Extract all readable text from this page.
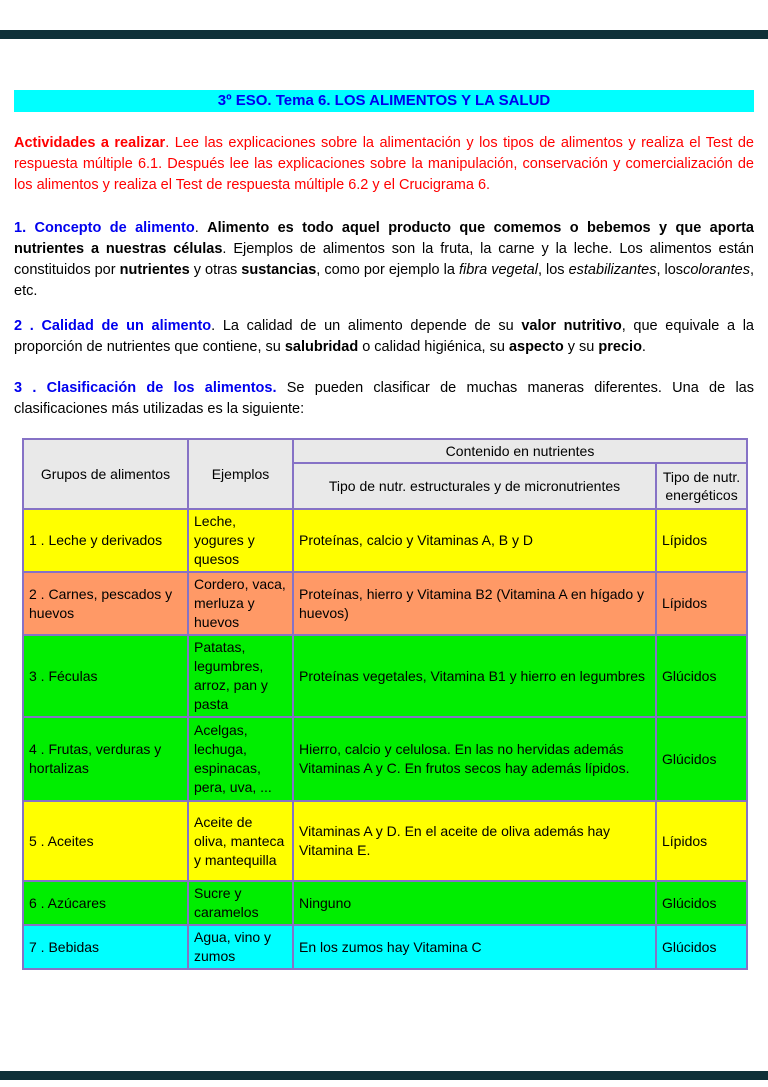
3º ESO. Tema 6. LOS ALIMENTOS Y LA SALUD

Actividades a realizar. Lee las explicaciones sobre la alimentación y los tipos de alimentos y realiza el Test de respuesta múltiple 6.1. Después lee las explicaciones sobre la manipulación, conservación y comercialización de los alimentos y realiza el Test de respuesta múltiple 6.2 y el Crucigrama 6.

1. Concepto de alimento. Alimento es todo aquel producto que comemos o bebemos y que aporta nutrientes a nuestras células. Ejemplos de alimentos son la fruta, la carne y la leche. Los alimentos están constituidos por nutrientes y otras sustancias, como por ejemplo la fibra vegetal, los estabilizantes, loscolorantes, etc.

2 . Calidad de un alimento. La calidad de un alimento depende de su valor nutritivo, que equivale a la proporción de nutrientes que contiene, su salubridad o calidad higiénica, su aspecto y su precio.

3 . Clasificación de los alimentos. Se pueden clasificar de muchas maneras diferentes. Una de las clasificaciones más utilizadas es la siguiente:

Grupos de alimentos	Ejemplos	Contenido en nutrientes	
		Tipo de nutr. estructurales y de micronutrientes	Tipo de nutr. energéticos
1 . Leche y derivados	Leche, yogures y quesos	Proteínas, calcio y Vitaminas A, B y D	Lípidos
2 . Carnes, pescados y huevos	Cordero, vaca, merluza y huevos	Proteínas, hierro y Vitamina B2 (Vitamina A en hígado y huevos)	Lípidos
3 . Féculas	Patatas, legumbres, arroz, pan y pasta	Proteínas vegetales, Vitamina B1 y hierro en legumbres	Glúcidos
4 . Frutas, verduras y hortalizas	Acelgas, lechuga, espinacas, pera, uva, ...	Hierro, calcio y celulosa. En las no hervidas además Vitaminas A y C. En frutos secos hay además lípidos.	Glúcidos
5 . Aceites	Aceite de oliva, manteca y mantequilla	Vitaminas A y D. En el aceite de oliva además hay Vitamina E.	Lípidos
6 . Azúcares	Sucre y caramelos	Ninguno	Glúcidos
7 . Bebidas	Agua, vino y zumos	En los zumos hay Vitamina C	Glúcidos
